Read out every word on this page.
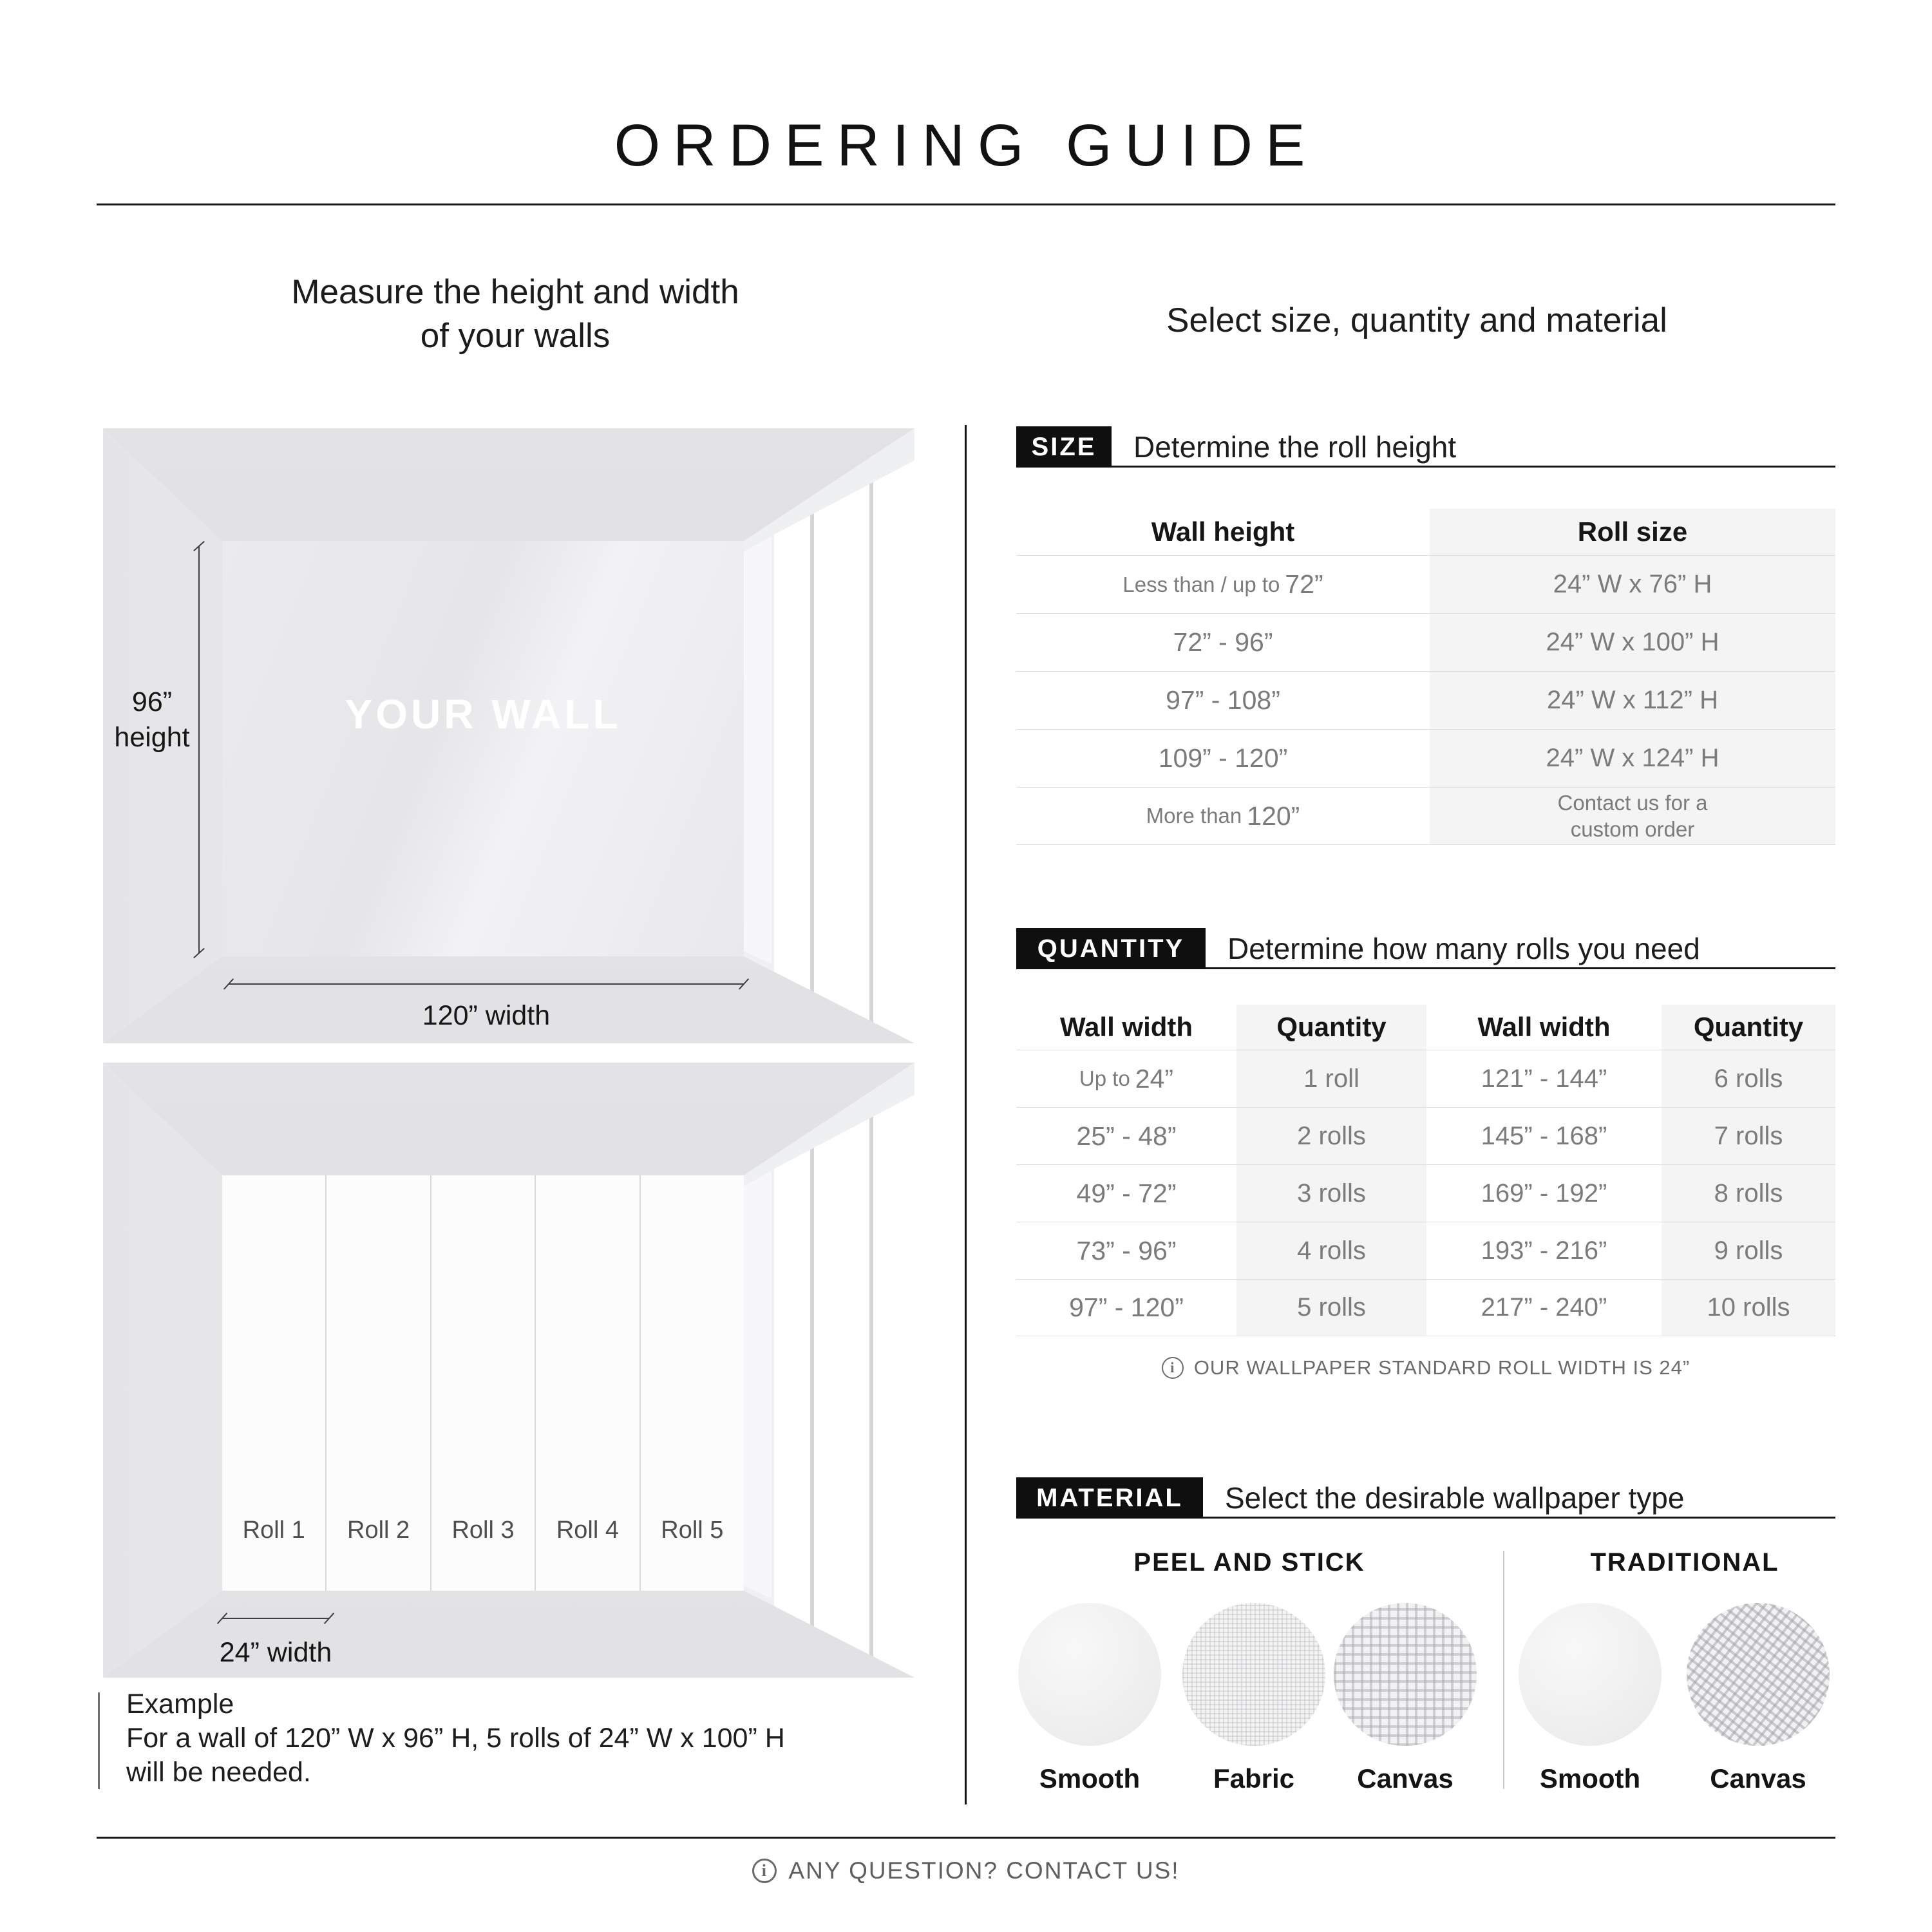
ORDERING GUIDE
Measure the height and width
of your walls
YOUR WALL
96”
height
120” width
Roll 1	Roll 2	Roll 3	Roll 4	Roll 5
24” width
Example
For a wall of 120” W x 96” H, 5 rolls of 24” W x 100” H
will be needed.
Select size, quantity and material
SIZE	Determine the roll height
Wall height	Roll size
Less than / up to 72”	24” W x 76” H
72” - 96”	24” W x 100” H
97” - 108”	24” W x 112” H
109” - 120”	24” W x 124” H
More than 120”	Contact us for a
custom order
QUANTITY	Determine how many rolls you need
Wall width	Quantity	Wall width	Quantity
Up to 24”	1 roll	121” - 144”	6 rolls
25” - 48”	2 rolls	145” - 168”	7 rolls
49” - 72”	3 rolls	169” - 192”	8 rolls
73” - 96”	4 rolls	193” - 216”	9 rolls
97” - 120”	5 rolls	217” - 240”	10 rolls
i
OUR WALLPAPER STANDARD ROLL WIDTH IS 24”
MATERIAL	Select the desirable wallpaper type
PEEL AND STICK	TRADITIONAL
Smooth	Fabric	Canvas	Smooth	Canvas
i
ANY QUESTION? CONTACT US!
